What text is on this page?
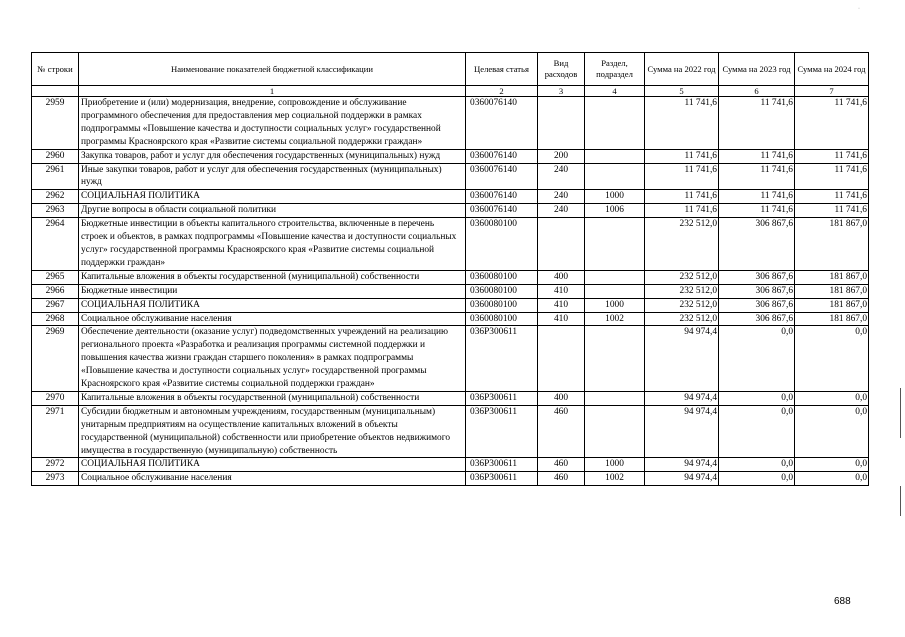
·
№ строки	Наименование показателей бюджетной классификации	Целевая статья	Вид расходов	Раздел, подраздел	Сумма на 2022 год	Сумма на 2023 год	Сумма на 2024 год
	1	2	3	4	5	6	7
2959	Приобретение и (или) модернизация, внедрение, сопровождение и обслуживание программного обеспечения для предоставления мер социальной поддержки в рамках подпрограммы «Повышение качества и доступности социальных услуг» государственной программы Красноярского края «Развитие системы социальной поддержки граждан»	0360076140			11 741,6	11 741,6	11 741,6
2960	Закупка товаров, работ и услуг для обеспечения государственных (муниципальных) нужд	0360076140	200		11 741,6	11 741,6	11 741,6
2961	Иные закупки товаров, работ и услуг для обеспечения государственных (муниципальных) нужд	0360076140	240		11 741,6	11 741,6	11 741,6
2962	СОЦИАЛЬНАЯ ПОЛИТИКА	0360076140	240	1000	11 741,6	11 741,6	11 741,6
2963	Другие вопросы в области социальной политики	0360076140	240	1006	11 741,6	11 741,6	11 741,6
2964	Бюджетные инвестиции в объекты капитального строительства, включенные в перечень строек и объектов, в рамках подпрограммы «Повышение качества и доступности социальных услуг» государственной программы Красноярского края «Развитие системы социальной поддержки граждан»	0360080100			232 512,0	306 867,6	181 867,0
2965	Капитальные вложения в объекты государственной (муниципальной) собственности	0360080100	400		232 512,0	306 867,6	181 867,0
2966	Бюджетные инвестиции	0360080100	410		232 512,0	306 867,6	181 867,0
2967	СОЦИАЛЬНАЯ ПОЛИТИКА	0360080100	410	1000	232 512,0	306 867,6	181 867,0
2968	Социальное обслуживание населения	0360080100	410	1002	232 512,0	306 867,6	181 867,0
2969	Обеспечение деятельности (оказание услуг) подведомственных учреждений на реализацию регионального проекта «Разработка и реализация программы системной поддержки и повышения качества жизни граждан старшего поколения» в рамках подпрограммы «Повышение качества и доступности социальных услуг» государственной программы Красноярского края «Развитие системы социальной поддержки граждан»	036P300611			94 974,4	0,0	0,0
2970	Капитальные вложения в объекты государственной (муниципальной) собственности	036P300611	400		94 974,4	0,0	0,0
2971	Субсидии бюджетным и автономным учреждениям, государственным (муниципальным) унитарным предприятиям на осуществление капитальных вложений в объекты государственной (муниципальной) собственности или приобретение объектов недвижимого имущества в государственную (муниципальную) собственность	036P300611	460		94 974,4	0,0	0,0
2972	СОЦИАЛЬНАЯ ПОЛИТИКА	036P300611	460	1000	94 974,4	0,0	0,0
2973	Социальное обслуживание населения	036P300611	460	1002	94 974,4	0,0	0,0
688
